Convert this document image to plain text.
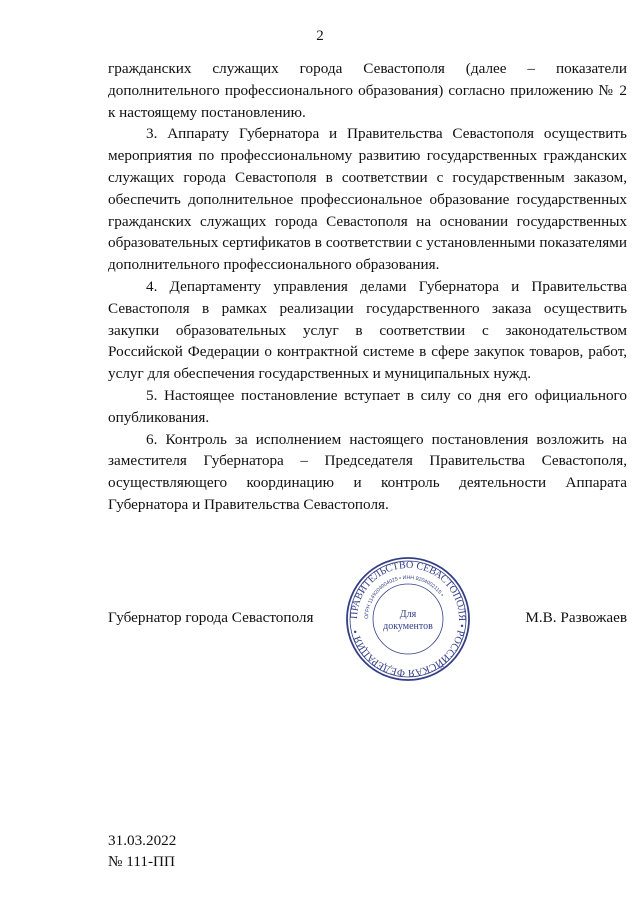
2

гражданских служащих города Севастополя (далее – показатели дополнительного профессионального образования) согласно приложению № 2 к настоящему постановлению.

3. Аппарату Губернатора и Правительства Севастополя осуществить мероприятия по профессиональному развитию государственных гражданских служащих города Севастополя в соответствии с государственным заказом, обеспечить дополнительное профессиональное образование государственных гражданских служащих города Севастополя на основании государственных образовательных сертификатов в соответствии с установленными показателями дополнительного профессионального образования.

4. Департаменту управления делами Губернатора и Правительства Севастополя в рамках реализации государственного заказа осуществить закупки образовательных услуг в соответствии с законодательством Российской Федерации о контрактной системе в сфере закупок товаров, работ, услуг для обеспечения государственных и муниципальных нужд.

5. Настоящее постановление вступает в силу со дня его официального опубликования.

6. Контроль за исполнением настоящего постановления возложить на заместителя Губернатора – Председателя Правительства Севастополя, осуществляющего координацию и контроль деятельности Аппарата Губернатора и Правительства Севастополя.

Губернатор города Севастополя	ПРАВИТЕЛЬСТВО СЕВАСТОПОЛЯ • РОССИЙСКАЯ ФЕДЕРАЦИЯ •
ОГРН 1149204004025 • ИНН 9204002115 •
Для
документов
М.В. Развожаев
31.03.2022
№ 111-ПП
